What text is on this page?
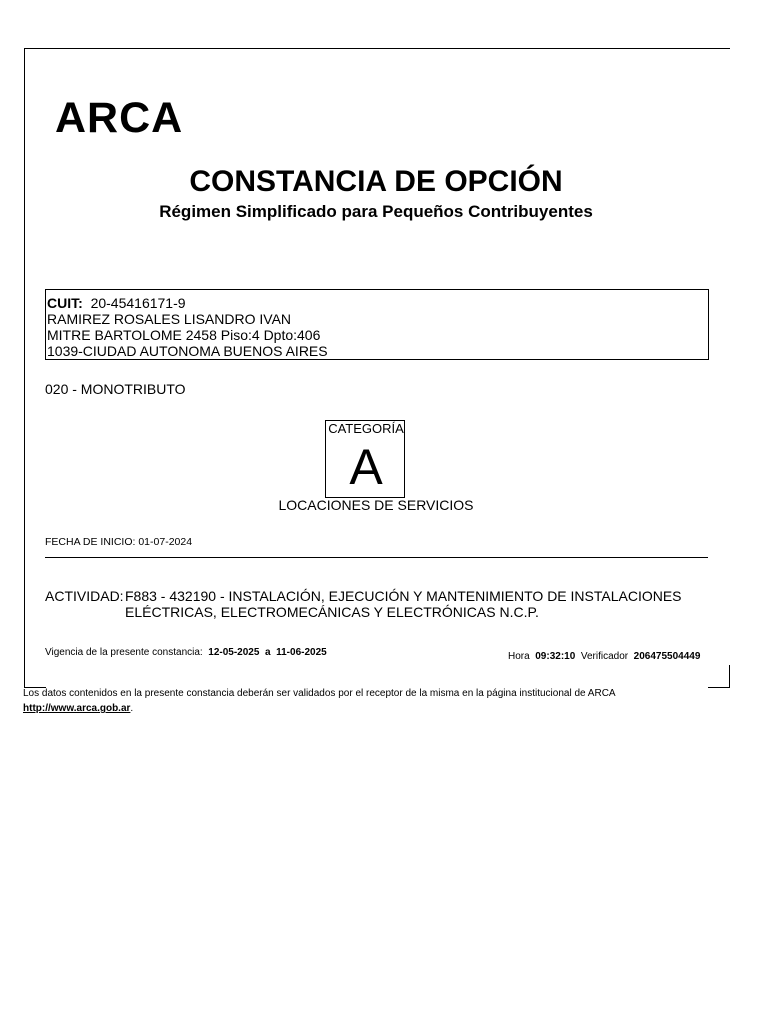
ARCA
CONSTANCIA DE OPCIÓN
Régimen Simplificado para Pequeños Contribuyentes
CUIT: 20-45416171-9
RAMIREZ ROSALES LISANDRO IVAN
MITRE BARTOLOME 2458 Piso:4 Dpto:406
1039-CIUDAD AUTONOMA BUENOS AIRES
020 - MONOTRIBUTO
CATEGORÍA
A
LOCACIONES DE SERVICIOS
FECHA DE INICIO: 01-07-2024
ACTIVIDAD: F883 - 432190 - INSTALACIÓN, EJECUCIÓN Y MANTENIMIENTO DE INSTALACIONES
ELÉCTRICAS, ELECTROMECÁNICAS Y ELECTRÓNICAS N.C.P.
Vigencia de la presente constancia: 12-05-2025 a 11-06-2025	Hora 09:32:10 Verificador 206475504449
Los datos contenidos en la presente constancia deberán ser validados por el receptor de la misma en la página institucional de ARCA
http://www.arca.gob.ar.
